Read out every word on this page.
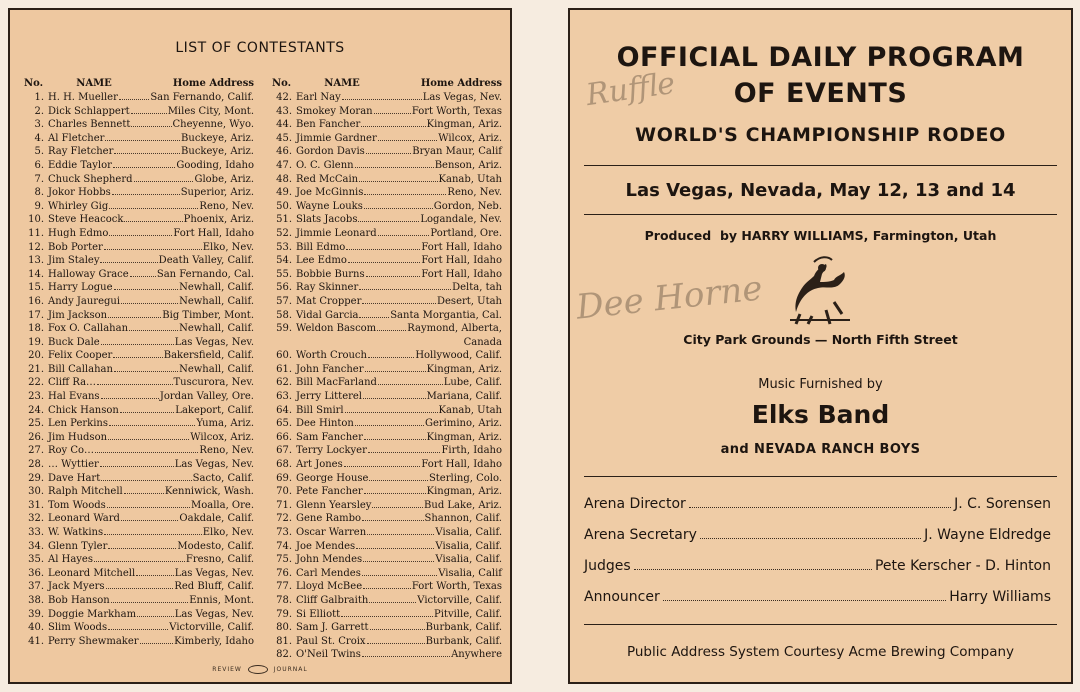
LIST OF CONTESTANTS
No.	NAME	Home Address
1. H. H. Mueller	San Fernando, Calif.
2. Dick Schlappert	Miles City, Mont.
3. Charles Bennett	Cheyenne, Wyo.
4. Al Fletcher	Buckeye, Ariz.
5. Ray Fletcher	Buckeye, Ariz.
6. Eddie Taylor	Gooding, Idaho
7. Chuck Shepherd	Globe, Ariz.
8. Jokor Hobbs	Superior, Ariz.
9. Whirley Gig	Reno, Nev.
10. Steve Heacock	Phoenix, Ariz.
11. Hugh Edmo	Fort Hall, Idaho
12. Bob Porter	Elko, Nev.
13. Jim Staley	Death Valley, Calif.
14. Halloway Grace	San Fernando, Cal.
15. Harry Logue	Newhall, Calif.
16. Andy Jauregui	Newhall, Calif.
17. Jim Jackson	Big Timber, Mont.
18. Fox O. Callahan	Newhall, Calif.
19. Buck Dale	Las Vegas, Nev.
20. Felix Cooper	Bakersfield, Calif.
21. Bill Callahan	Newhall, Calif.
22. Cliff Ra…	Tuscurora, Nev.
23. Hal Evans	Jordan Valley, Ore.
24. Chick Hanson	Lakeport, Calif.
25. Len Perkins	Yuma, Ariz.
26. Jim Hudson	Wilcox, Ariz.
27. Roy Co…	Reno, Nev.
28. … Wyttier	Las Vegas, Nev.
29. Dave Hart	Sacto, Calif.
30. Ralph Mitchell	Kenniwick, Wash.
31. Tom Woods	Moalla, Ore.
32. Leonard Ward	Oakdale, Calif.
33. W. Watkins	Elko, Nev.
34. Glenn Tyler	Modesto, Calif.
35. Al Hayes	Fresno, Calif.
36. Leonard Mitchell	Las Vegas, Nev.
37. Jack Myers	Red Bluff, Calif.
38. Bob Hanson	Ennis, Mont.
39. Doggie Markham	Las Vegas, Nev.
40. Slim Woods	Victorville, Calif.
41. Perry Shewmaker	Kimberly, Idaho
No.	NAME	Home Address
42. Earl Nay	Las Vegas, Nev.
43. Smokey Moran	Fort Worth, Texas
44. Ben Fancher	Kingman, Ariz.
45. Jimmie Gardner	Wilcox, Ariz.
46. Gordon Davis	Bryan Maur, Calif
47. O. C. Glenn	Benson, Ariz.
48. Red McCain	Kanab, Utah
49. Joe McGinnis	Reno, Nev.
50. Wayne Louks	Gordon, Neb.
51. Slats Jacobs	Logandale, Nev.
52. Jimmie Leonard	Portland, Ore.
53. Bill Edmo	Fort Hall, Idaho
54. Lee Edmo	Fort Hall, Idaho
55. Bobbie Burns	Fort Hall, Idaho
56. Ray Skinner	Delta, tah
57. Mat Cropper	Desert, Utah
58. Vidal Garcia	Santa Morgantia, Cal.
59. Weldon Bascom	Raymond, Alberta,
Canada
60. Worth Crouch	Hollywood, Calif.
61. John Fancher	Kingman, Ariz.
62. Bill MacFarland	Lube, Calif.
63. Jerry Litterel	Mariana, Calif.
64. Bill Smirl	Kanab, Utah
65. Dee Hinton	Gerimino, Ariz.
66. Sam Fancher	Kingman, Ariz.
67. Terry Lockyer	Firth, Idaho
68. Art Jones	Fort Hall, Idaho
69. George House	Sterling, Colo.
70. Pete Fancher	Kingman, Ariz.
71. Glenn Yearsley	Bud Lake, Ariz.
72. Gene Rambo	Shannon, Calif.
73. Oscar Warren	Visalia, Calif.
74. Joe Mendes	Visalia, Calif.
75. John Mendes	Visalia, Calif.
76. Carl Mendes	Visalia, Calif
77. Lloyd McBee	Fort Worth, Texas
78. Cliff Galbraith	Victorville, Calif.
79. Si Elliott	Pitville, Calif.
80. Sam J. Garrett	Burbank, Calif.
81. Paul St. Croix	Burbank, Calif.
82. O'Neil Twins	Anywhere
REVIEW	JOURNAL
Ruffle
Dee Horne
OFFICIAL DAILY PROGRAM
OF EVENTS
WORLD'S CHAMPIONSHIP RODEO
Las Vegas, Nevada, May 12, 13 and 14
Produced by HARRY WILLIAMS, Farmington, Utah
City Park Grounds — North Fifth Street
Music Furnished by
Elks Band
and NEVADA RANCH BOYS
Arena Director	J. C. Sorensen
Arena Secretary	J. Wayne Eldredge
Judges	Pete Kerscher - D. Hinton
Announcer	Harry Williams
Public Address System Courtesy Acme Brewing Company
